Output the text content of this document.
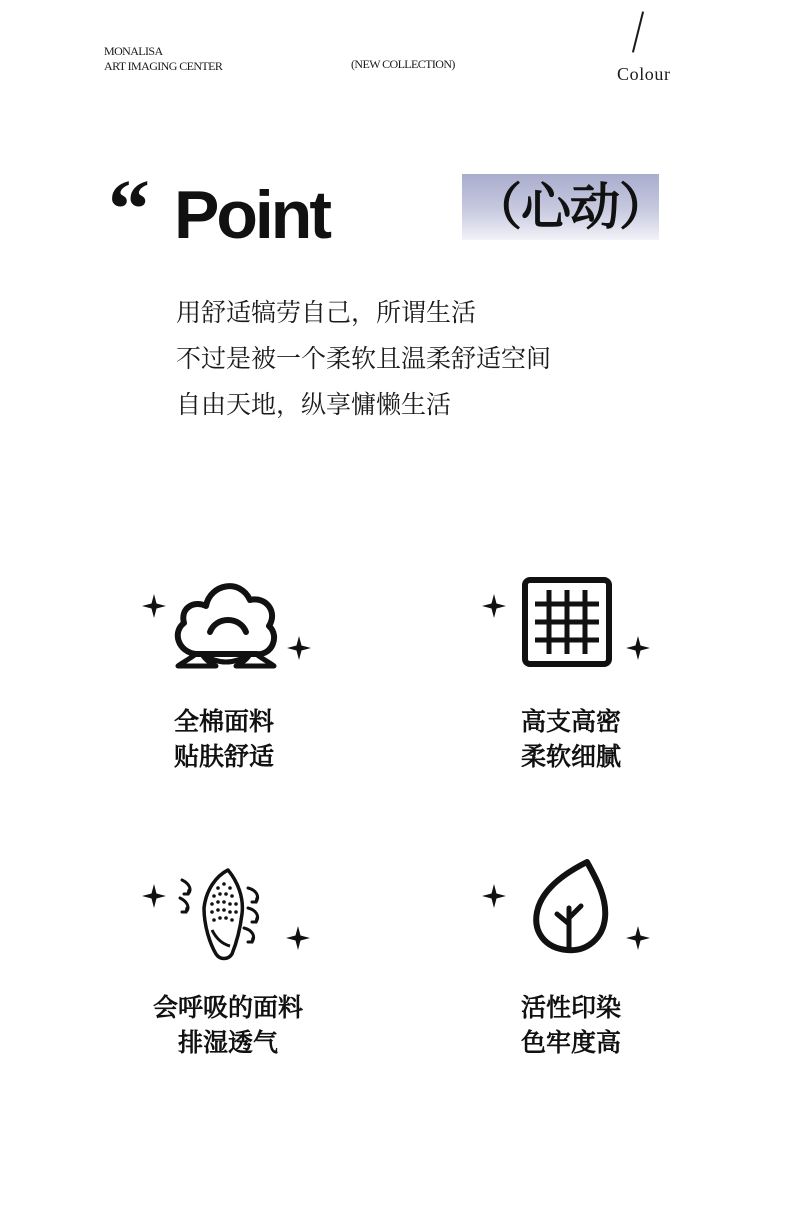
MONALISA
ART IMAGING CENTER	(NEW COLLECTION)	Colour
“ Point	（心动）
用舒适犒劳自己，所谓生活
不过是被一个柔软且温柔舒适空间
自由天地，纵享慵懒生活
全棉面料
贴肤舒适
高支高密
柔软细腻
会呼吸的面料
排湿透气
活性印染
色牢度高
